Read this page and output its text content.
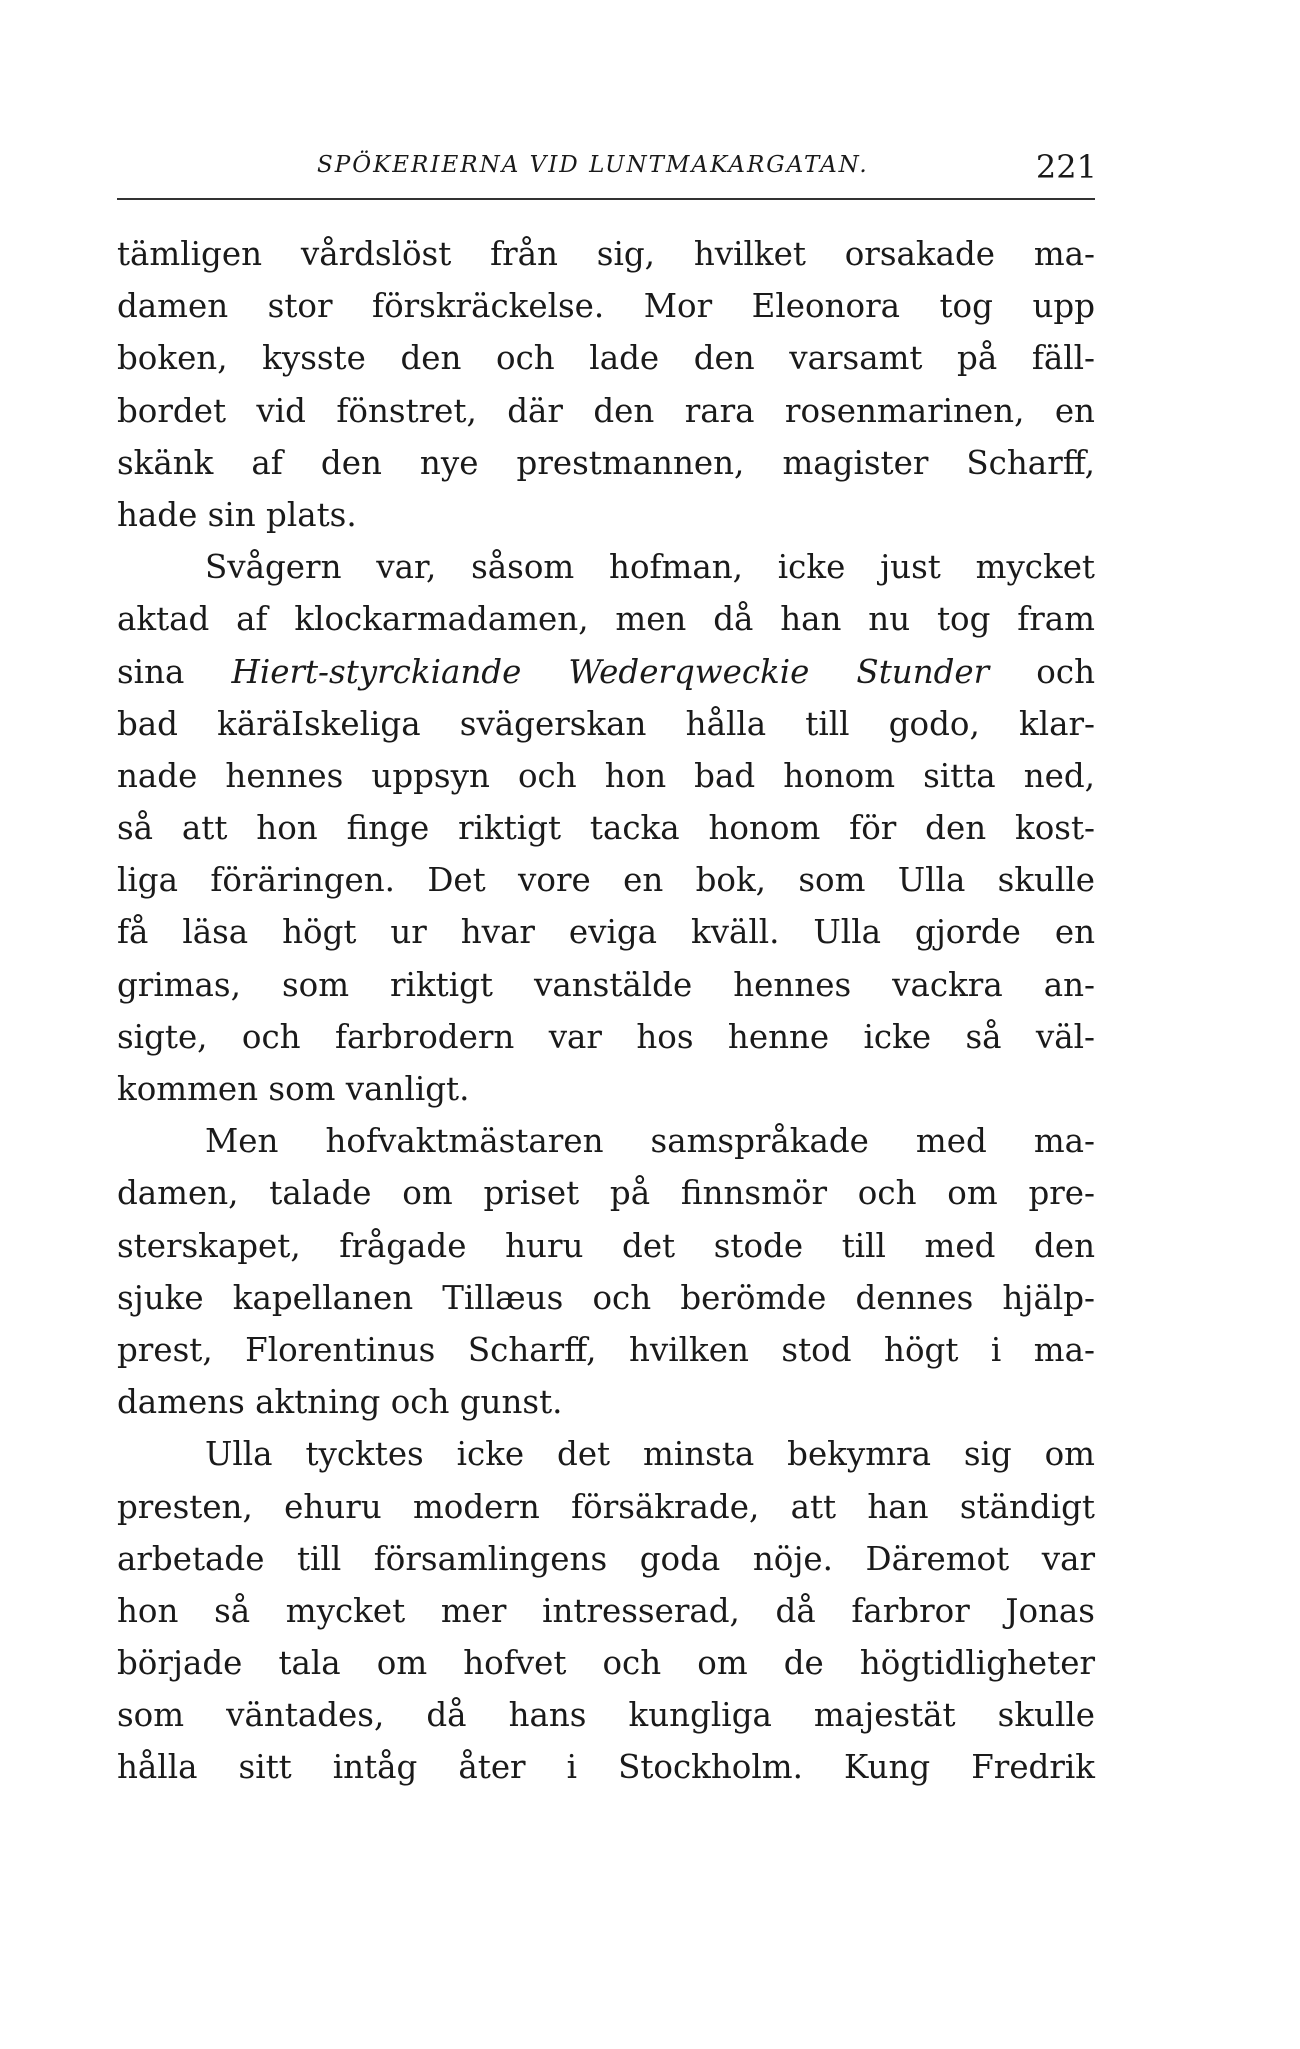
SPÖKERIERNA VID LUNTMAKARGATAN.	221
tämligen vårdslöst från sig, hvilket orsakade ma-
damen stor förskräckelse. Mor Eleonora tog upp
boken, kysste den och lade den varsamt på fäll-
bordet vid fönstret, där den rara rosenmarinen, en
skänk af den nye prestmannen, magister Scharff,
hade sin plats.
Svågern var, såsom hofman, icke just mycket
aktad af klockarmadamen, men då han nu tog fram
sina Hiert-styrckiande Wederqweckie Stunder och
bad käräIskeliga svägerskan hålla till godo, klar-
nade hennes uppsyn och hon bad honom sitta ned,
så att hon finge riktigt tacka honom för den kost-
liga föräringen. Det vore en bok, som Ulla skulle
få läsa högt ur hvar eviga kväll. Ulla gjorde en
grimas, som riktigt vanstälde hennes vackra an-
sigte, och farbrodern var hos henne icke så väl-
kommen som vanligt.
Men hofvaktmästaren samspråkade med ma-
damen, talade om priset på finnsmör och om pre-
sterskapet, frågade huru det stode till med den
sjuke kapellanen Tillæus och berömde dennes hjälp-
prest, Florentinus Scharff, hvilken stod högt i ma-
damens aktning och gunst.
Ulla tycktes icke det minsta bekymra sig om
presten, ehuru modern försäkrade, att han ständigt
arbetade till församlingens goda nöje. Däremot var
hon så mycket mer intresserad, då farbror Jonas
började tala om hofvet och om de högtidligheter
som väntades, då hans kungliga majestät skulle
hålla sitt intåg åter i Stockholm. Kung Fredrik
